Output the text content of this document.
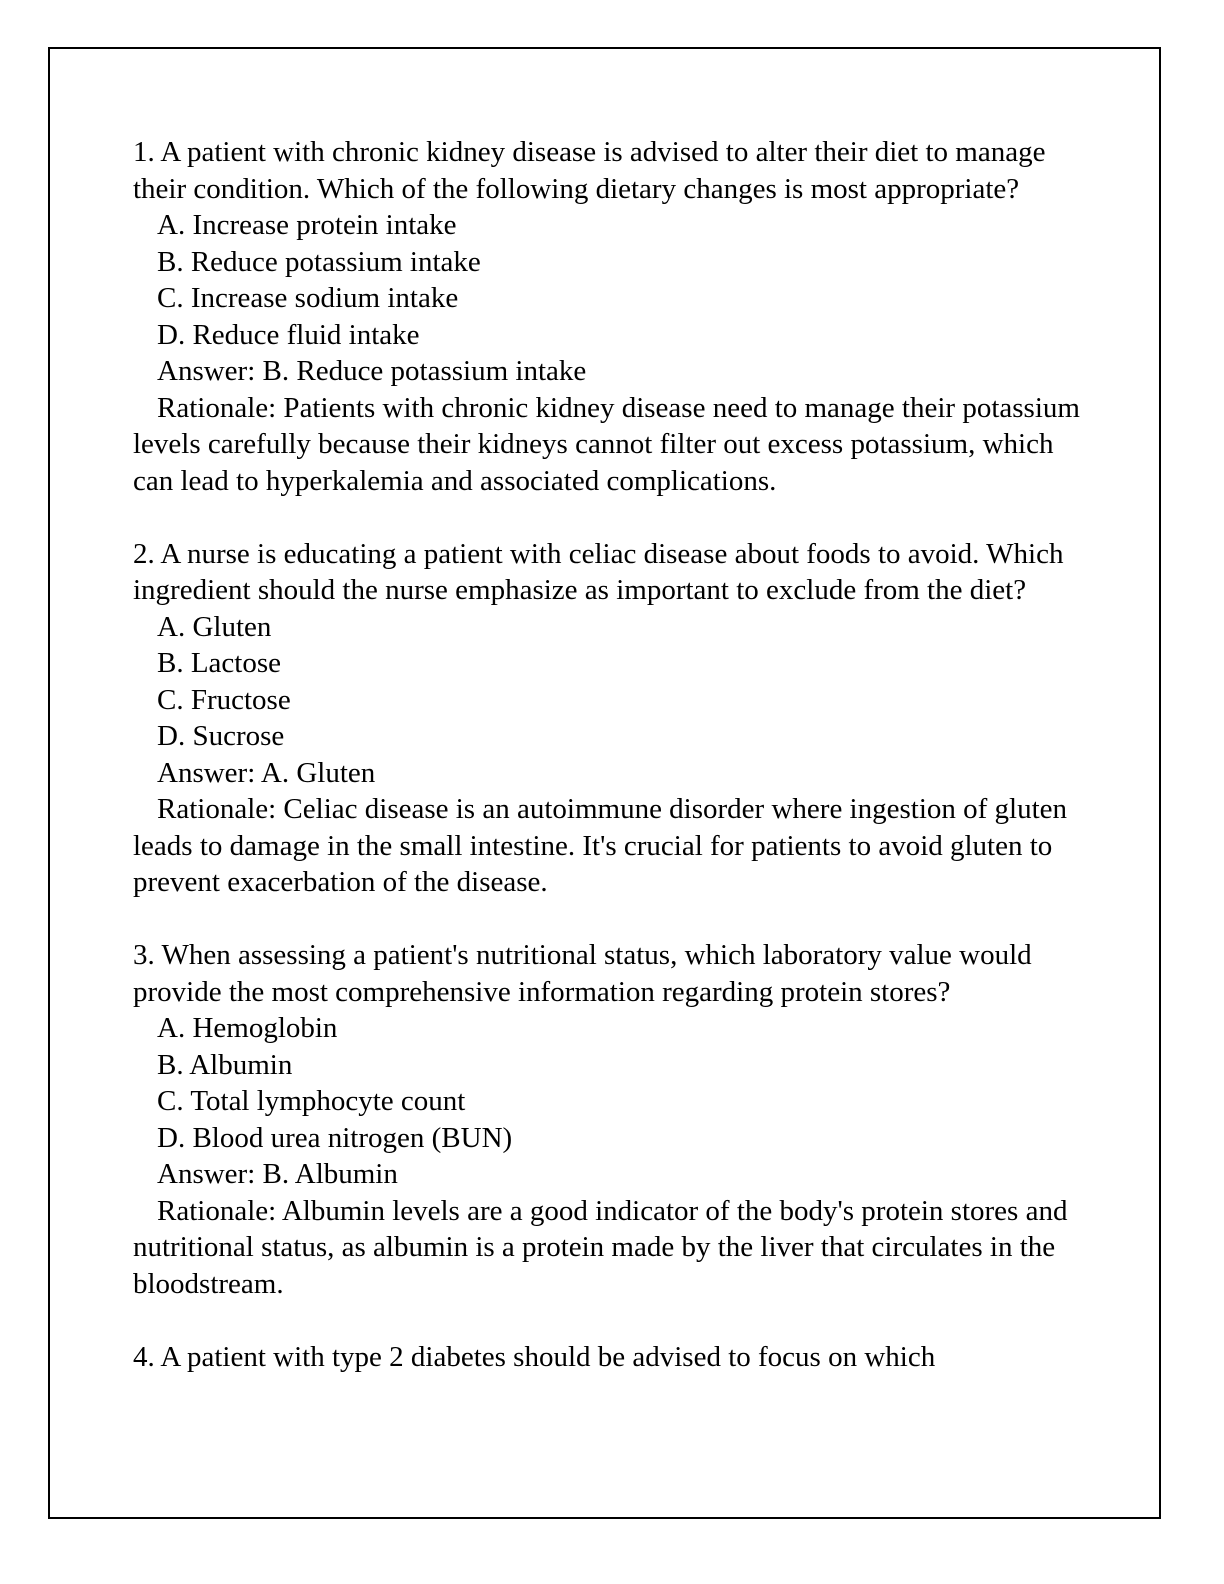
1. A patient with chronic kidney disease is advised to alter their diet to manage their condition. Which of the following dietary changes is most appropriate?
A. Increase protein intake
B. Reduce potassium intake
C. Increase sodium intake
D. Reduce fluid intake
Answer: B. Reduce potassium intake
Rationale: Patients with chronic kidney disease need to manage their potassium levels carefully because their kidneys cannot filter out excess potassium, which can lead to hyperkalemia and associated complications.
2. A nurse is educating a patient with celiac disease about foods to avoid. Which ingredient should the nurse emphasize as important to exclude from the diet?
A. Gluten
B. Lactose
C. Fructose
D. Sucrose
Answer: A. Gluten
Rationale: Celiac disease is an autoimmune disorder where ingestion of gluten leads to damage in the small intestine. It's crucial for patients to avoid gluten to prevent exacerbation of the disease.
3. When assessing a patient's nutritional status, which laboratory value would provide the most comprehensive information regarding protein stores?
A. Hemoglobin
B. Albumin
C. Total lymphocyte count
D. Blood urea nitrogen (BUN)
Answer: B. Albumin
Rationale: Albumin levels are a good indicator of the body's protein stores and nutritional status, as albumin is a protein made by the liver that circulates in the bloodstream.
4. A patient with type 2 diabetes should be advised to focus on which
